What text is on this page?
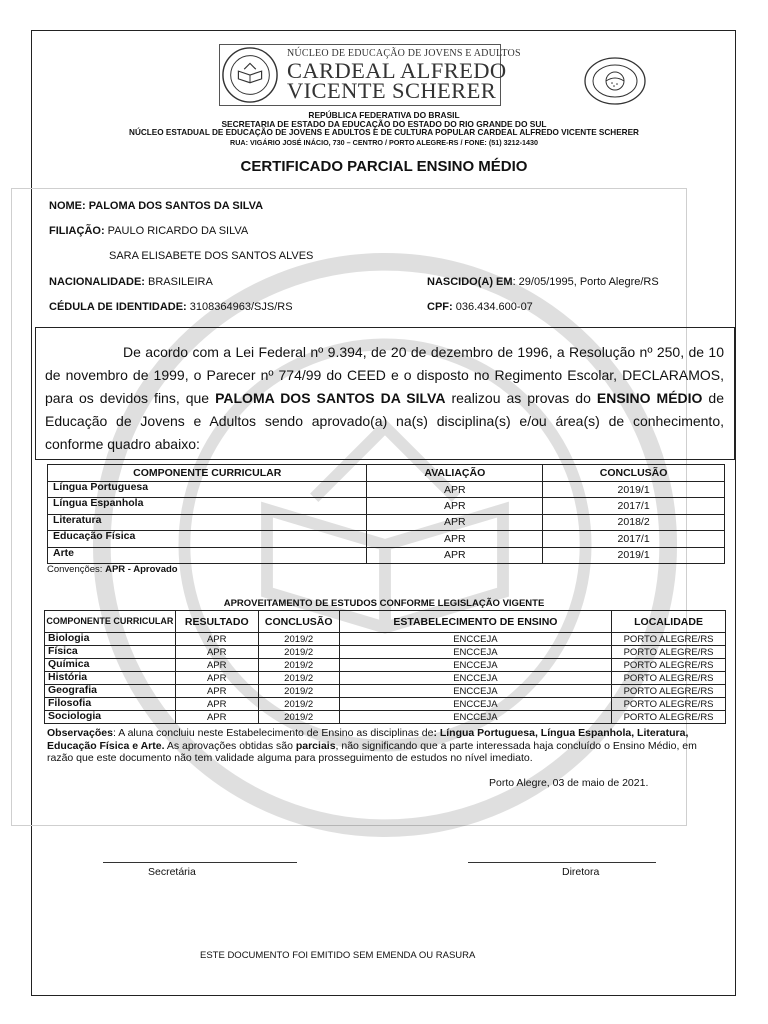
NÚCLEO DE EDUCAÇÃO DE JOVENS E ADULTOS
CARDEAL ALFREDO
VICENTE SCHERER
REPÚBLICA FEDERATIVA DO BRASIL
SECRETARIA DE ESTADO DA EDUCAÇÃO DO ESTADO DO RIO GRANDE DO SUL
NÚCLEO ESTADUAL DE EDUCAÇÃO DE JOVENS E ADULTOS E DE CULTURA POPULAR CARDEAL ALFREDO VICENTE SCHERER
RUA: VIGÁRIO JOSÉ INÁCIO, 730 – CENTRO / PORTO ALEGRE-RS / FONE: (51) 3212-1430
CERTIFICADO PARCIAL ENSINO MÉDIO
NOME: PALOMA DOS SANTOS DA SILVA
FILIAÇÃO: PAULO RICARDO DA SILVA
SARA ELISABETE DOS SANTOS ALVES
NACIONALIDADE: BRASILEIRA	NASCIDO(A) EM: 29/05/1995, Porto Alegre/RS
CÉDULA DE IDENTIDADE: 3108364963/SJS/RS	CPF: 036.434.600-07
De acordo com a Lei Federal nº 9.394, de 20 de dezembro de 1996, a Resolução nº 250, de 10 de novembro de 1999, o Parecer nº 774/99 do CEED e o disposto no Regimento Escolar, DECLARAMOS, para os devidos fins, que PALOMA DOS SANTOS DA SILVA realizou as provas do ENSINO MÉDIO de Educação de Jovens e Adultos sendo aprovado(a) na(s) disciplina(s) e/ou área(s) de conhecimento, conforme quadro abaixo:
COMPONENTE CURRICULAR	AVALIAÇÃO	CONCLUSÃO
Língua Portuguesa	APR	2019/1
Língua Espanhola	APR	2017/1
Literatura	APR	2018/2
Educação Física	APR	2017/1
Arte	APR	2019/1
Convenções: APR - Aprovado
APROVEITAMENTO DE ESTUDOS CONFORME LEGISLAÇÃO VIGENTE
COMPONENTE CURRICULAR	RESULTADO	CONCLUSÃO	ESTABELECIMENTO DE ENSINO	LOCALIDADE
Biologia	APR	2019/2	ENCCEJA	PORTO ALEGRE/RS
Física	APR	2019/2	ENCCEJA	PORTO ALEGRE/RS
Química	APR	2019/2	ENCCEJA	PORTO ALEGRE/RS
História	APR	2019/2	ENCCEJA	PORTO ALEGRE/RS
Geografia	APR	2019/2	ENCCEJA	PORTO ALEGRE/RS
Filosofia	APR	2019/2	ENCCEJA	PORTO ALEGRE/RS
Sociologia	APR	2019/2	ENCCEJA	PORTO ALEGRE/RS
Observações: A aluna concluiu neste Estabelecimento de Ensino as disciplinas de: Língua Portuguesa, Língua Espanhola, Literatura, Educação Física e Arte. As aprovações obtidas são parciais, não significando que a parte interessada haja concluído o Ensino Médio, em razão que este documento não tem validade alguma para prosseguimento de estudos no nível imediato.
Porto Alegre, 03 de maio de 2021.
Secretária	Diretora
ESTE DOCUMENTO FOI EMITIDO SEM EMENDA OU RASURA
